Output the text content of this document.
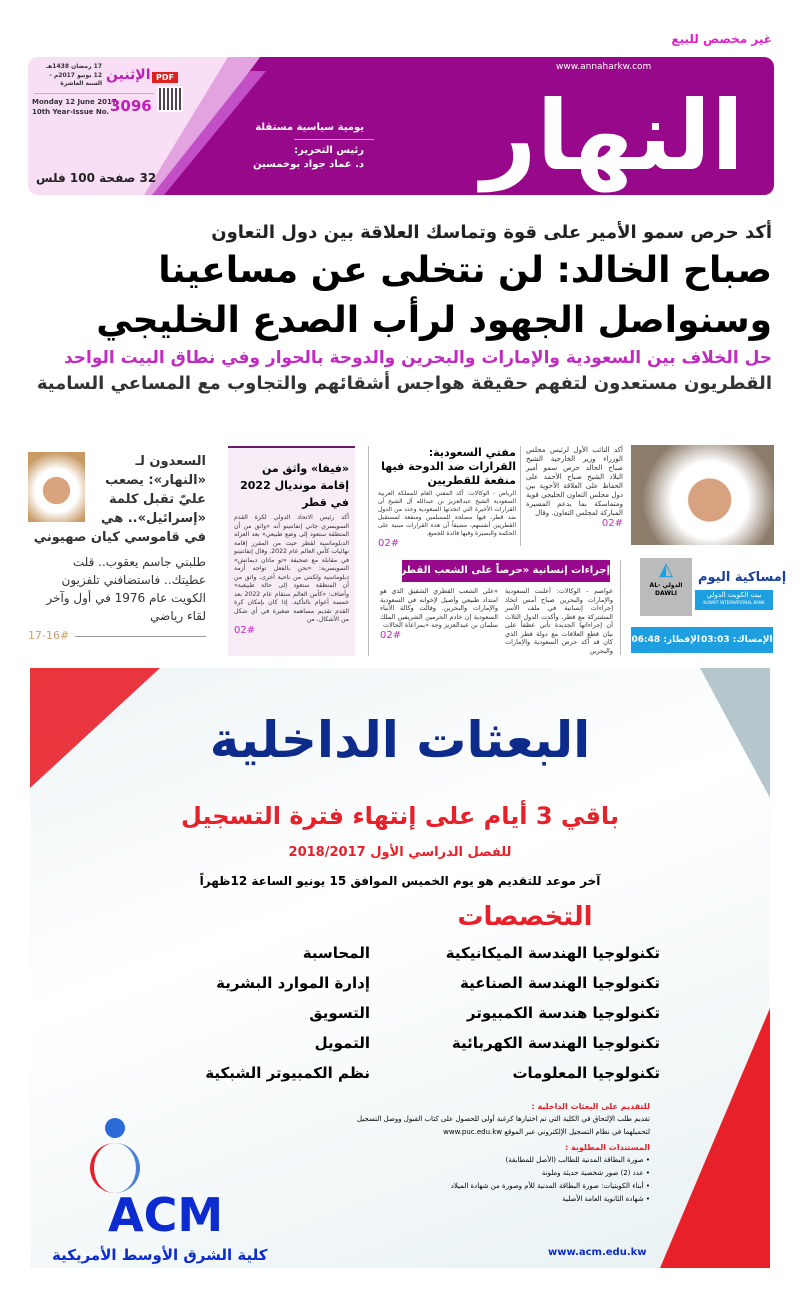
غير مخصص للبيع
www.annaharkw.com
النهار
يومية سياسية مستقلة
رئيس التحرير:
د. عماد جواد بوخمسين
الإثنين
17 رمضان 1438هـ
12 يونيو 2017م - السنة العاشرة
Monday 12 June 2017
10th Year-Issue No. 3096
32 صفحة 100 فلس
PDF
أكد حرص سمو الأمير على قوة وتماسك العلاقة بين دول التعاون
صباح الخالد: لن نتخلى عن مساعينا
وسنواصل الجهود لرأب الصدع الخليجي
حل الخلاف بين السعودية والإمارات والبحرين والدوحة بالحوار وفي نطاق البيت الواحد
القطريون مستعدون لتفهم حقيقة هواجس أشقائهم والتجاوب مع المساعي السامية
أكد النائب الأول لرئيس مجلس الوزراء وزير الخارجية الشيخ صباح الخالد حرص سمو أمير البلاد الشيخ صباح الأحمد على الحفاظ على العلاقة الأخوية بين دول مجلس التعاون الخليجي قوية ومتماسكة بما يدعم المسيرة المباركة لمجلس التعاون. وقال
02#
مفتي السعودية: القرارات ضد الدوحة فيها منفعة للقطريين
الرياض - الوكالات: أكد المفتي العام للمملكة العربية السعودية الشيخ عبدالعزيز بن عبدالله آل الشيخ أن القرارات الأخيرة التي اتخذتها السعودية وعدد من الدول ضد قطر، فيها مصلحة للمسلمين ومنفعة لمستقبل القطريين أنفسهم، مضيفاً أن هذه القرارات مبنية على الحكمة والبصيرة وفيها فائدة للجميع.
02#
إجراءات إنسانية «حرصاً على الشعب القطري»
عواصم - الوكالات: أعلنت السعودية والإمارات والبحرين صباح أمس اتخاذ إجراءات إنسانية في ملف الأسر المشتركة مع قطر، وأكدت الدول الثلاث أن إجراءاتها الجديدة تأتي عطفاً على بيان قطع العلاقات مع دولة قطر الذي كان قد أكد حرص السعودية والإمارات والبحرين
«على الشعب القطري الشقيق الذي هو امتداد طبيعي وأصيل لإخوانه في السعودية والإمارات والبحرين. وقالت وكالة الأنباء السعودية إن خادم الحرمين الشريفين الملك سلمان بن عبدالعزيز وجه «بمراعاة الحالات
02#
إمساكية اليوم
بيت الكويت الدولي
KUWAIT INTERNATIONAL BANK
◭
الدولي AL-DAWLI
الإمساك: 03:03
الإفطار: 06:48
«فيفا» واثق من إقامة مونديال 2022 في قطر
أكد رئيس الاتحاد الدولي لكرة القدم السويسري جاني إنفانتينو أنه «واثق من أن المنطقة ستعود إلى وضع طبيعي» بعد العزلة الدبلوماسية لقطر حيث من المقرر إقامة نهائيات كأس العالم عام 2022. وقال إنفانتينو في مقابلة مع صحيفة «تو ماتان ديمانش» السويسرية: «نحن بالفعل نواجه أزمة دبلوماسية ولكنني من ناحية أخرى، واثق من أن المنطقة ستعود إلى حالة طبيعية» وأضاف: «كأس العالم ستقام عام 2022 بعد خمسة أعوام بالتأكيد. إذا كان بإمكان كرة القدم تقديم مساهمة صغيرة في أي شكل من الأشكال، من
02#
السعدون لـ «النهار»: يصعب عليّ تقبل كلمة «إسرائيل».. هي في قاموسي كيان صهيوني
طلبني جاسم يعقوب.. قلت عطيتك.. فاستضافني تلفزيون الكويت عام 1976 في أول وآخر لقاء رياضي
17-16#
البعثات الداخلية
باقي 3 أيام على إنتهاء فترة التسجيل
للفصل الدراسي الأول 2018/2017
آخر موعد للتقديم هو يوم الخميس الموافق 15 يونيو الساعة 12ظهراً
التخصصات
تكنولوجيا الهندسة الميكانيكية
تكنولوجيا الهندسة الصناعية
تكنولوجيا هندسة الكمبيوتر
تكنولوجيا الهندسة الكهربائية
تكنولوجيا المعلومات
المحاسبة
إدارة الموارد البشرية
التسويق
التمويل
نظم الكمبيوتر الشبكية
للتقديم على البعثات الداخلية :
تقديم طلب الإلتحاق في الكلية التي تم اختيارها كرغبة أولى للحصول على كتاب القبول ووصل التسجيل
لتحميلهما في نظام التسجيل الإلكتروني عبر الموقع www.puc.edu.kw
المستندات المطلوبة :
• صورة البطاقة المدنية للطالب (الأصل للمطابقة)
• عدد (2) صور شخصية حديثة وملونة
• أبناء الكويتيات: صورة البطاقة المدنية للأم وصورة من شهادة الميلاد
• شهادة الثانوية العامة الأصلية
ACM
كلية الشرق الأوسط الأمريكية	www.acm.edu.kw
